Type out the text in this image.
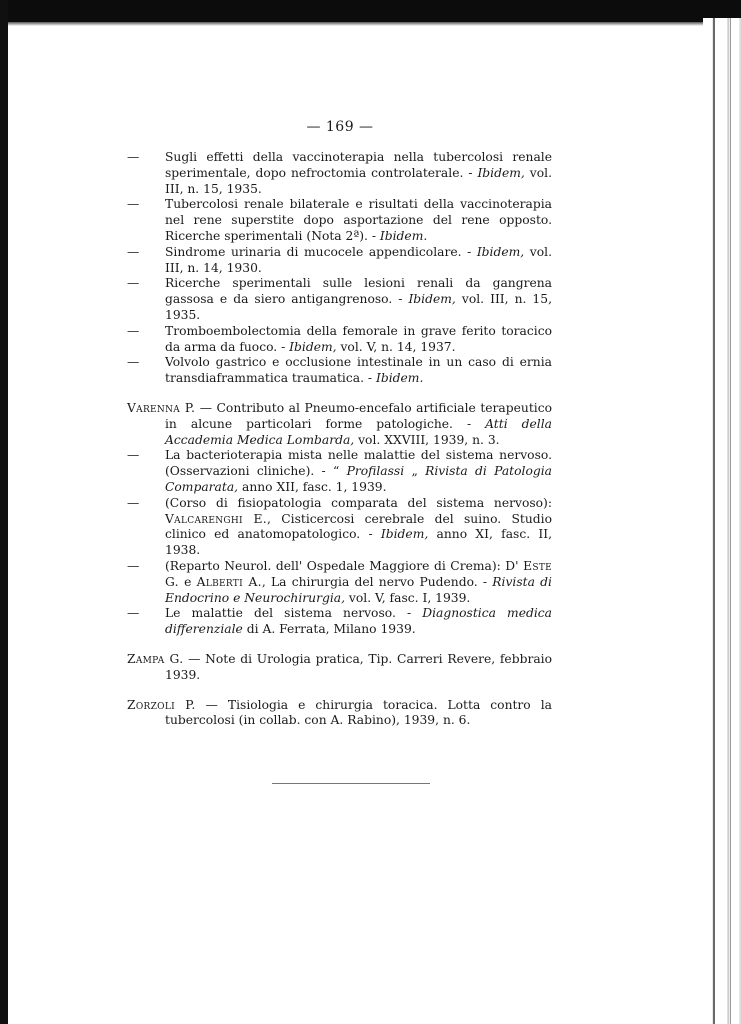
— 169 —
— Sugli effetti della vaccinoterapia nella tubercolosi renale sperimentale, dopo nefroctomia controlaterale. - Ibidem, vol. III, n. 15, 1935.
— Tubercolosi renale bilaterale e risultati della vaccinoterapia nel rene superstite dopo asportazione del rene opposto. Ricerche sperimentali (Nota 2ª). - Ibidem.
— Sindrome urinaria di mucocele appendicolare. - Ibidem, vol. III, n. 14, 1930.
— Ricerche sperimentali sulle lesioni renali da gangrena gassosa e da siero antigangrenoso. - Ibidem, vol. III, n. 15, 1935.
— Tromboembolectomia della femorale in grave ferito toracico da arma da fuoco. - Ibidem, vol. V, n. 14, 1937.
— Volvolo gastrico e occlusione intestinale in un caso di ernia transdiaframmatica traumatica. - Ibidem.
Varenna P. — Contributo al Pneumo-encefalo artificiale terapeutico in alcune particolari forme patologiche. - Atti della Accademia Medica Lombarda, vol. XXVIII, 1939, n. 3.
— La bacterioterapia mista nelle malattie del sistema nervoso. (Osservazioni cliniche). - “ Profilassi „ Rivista di Patologia Comparata, anno XII, fasc. 1, 1939.
— (Corso di fisiopatologia comparata del sistema nervoso): Valcarenghi E., Cisticercosi cerebrale del suino. Studio clinico ed anatomopatologico. - Ibidem, anno XI, fasc. II, 1938.
— (Reparto Neurol. dell' Ospedale Maggiore di Crema): D' Este G. e Alberti A., La chirurgia del nervo Pudendo. - Rivista di Endocrino e Neurochirurgia, vol. V, fasc. I, 1939.
— Le malattie del sistema nervoso. - Diagnostica medica differenziale di A. Ferrata, Milano 1939.
Zampa G. — Note di Urologia pratica, Tip. Carreri Revere, febbraio 1939.
Zorzoli P. — Tisiologia e chirurgia toracica. Lotta contro la tubercolosi (in collab. con A. Rabino), 1939, n. 6.
